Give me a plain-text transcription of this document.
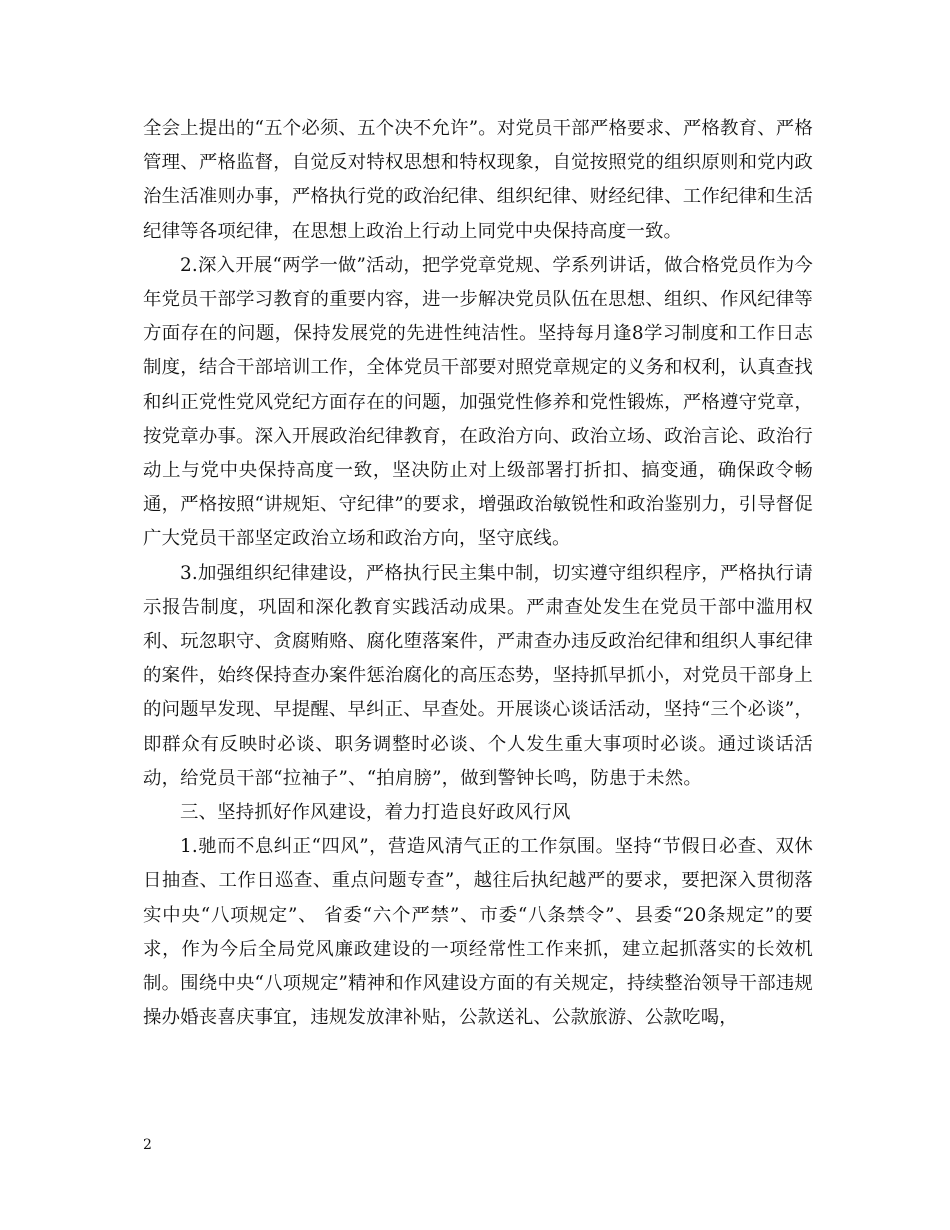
全会上提出的“五个必须、五个决不允许”。对党员干部严格要求、严格教育、严格管理、严格监督，自觉反对特权思想和特权现象，自觉按照党的组织原则和党内政治生活准则办事，严格执行党的政治纪律、组织纪律、财经纪律、工作纪律和生活纪律等各项纪律，在思想上政治上行动上同党中央保持高度一致。

2.深入开展“两学一做”活动，把学党章党规、学系列讲话，做合格党员作为今年党员干部学习教育的重要内容，进一步解决党员队伍在思想、组织、作风纪律等方面存在的问题，保持发展党的先进性纯洁性。坚持每月逢8学习制度和工作日志制度，结合干部培训工作，全体党员干部要对照党章规定的义务和权利，认真查找和纠正党性党风党纪方面存在的问题，加强党性修养和党性锻炼，严格遵守党章，按党章办事。深入开展政治纪律教育，在政治方向、政治立场、政治言论、政治行动上与党中央保持高度一致，坚决防止对上级部署打折扣、搞变通，确保政令畅通，严格按照“讲规矩、守纪律”的要求，增强政治敏锐性和政治鉴别力，引导督促广大党员干部坚定政治立场和政治方向，坚守底线。

3.加强组织纪律建设，严格执行民主集中制，切实遵守组织程序，严格执行请示报告制度，巩固和深化教育实践活动成果。严肃查处发生在党员干部中滥用权利、玩忽职守、贪腐贿赂、腐化堕落案件，严肃查办违反政治纪律和组织人事纪律的案件，始终保持查办案件惩治腐化的高压态势，坚持抓早抓小，对党员干部身上的问题早发现、早提醒、早纠正、早查处。开展谈心谈话活动，坚持“三个必谈”，即群众有反映时必谈、职务调整时必谈、个人发生重大事项时必谈。通过谈话活动，给党员干部“拉袖子”、“拍肩膀”，做到警钟长鸣，防患于未然。

三、坚持抓好作风建设，着力打造良好政风行风

1.驰而不息纠正“四风”，营造风清气正的工作氛围。坚持“节假日必查、双休日抽查、工作日巡查、重点问题专查”，越往后执纪越严的要求，要把深入贯彻落实中央“八项规定”、 省委“六个严禁”、市委“八条禁令”、县委“20条规定”的要求，作为今后全局党风廉政建设的一项经常性工作来抓，建立起抓落实的长效机制。围绕中央“八项规定”精神和作风建设方面的有关规定，持续整治领导干部违规操办婚丧喜庆事宜，违规发放津补贴，公款送礼、公款旅游、公款吃喝，

2
